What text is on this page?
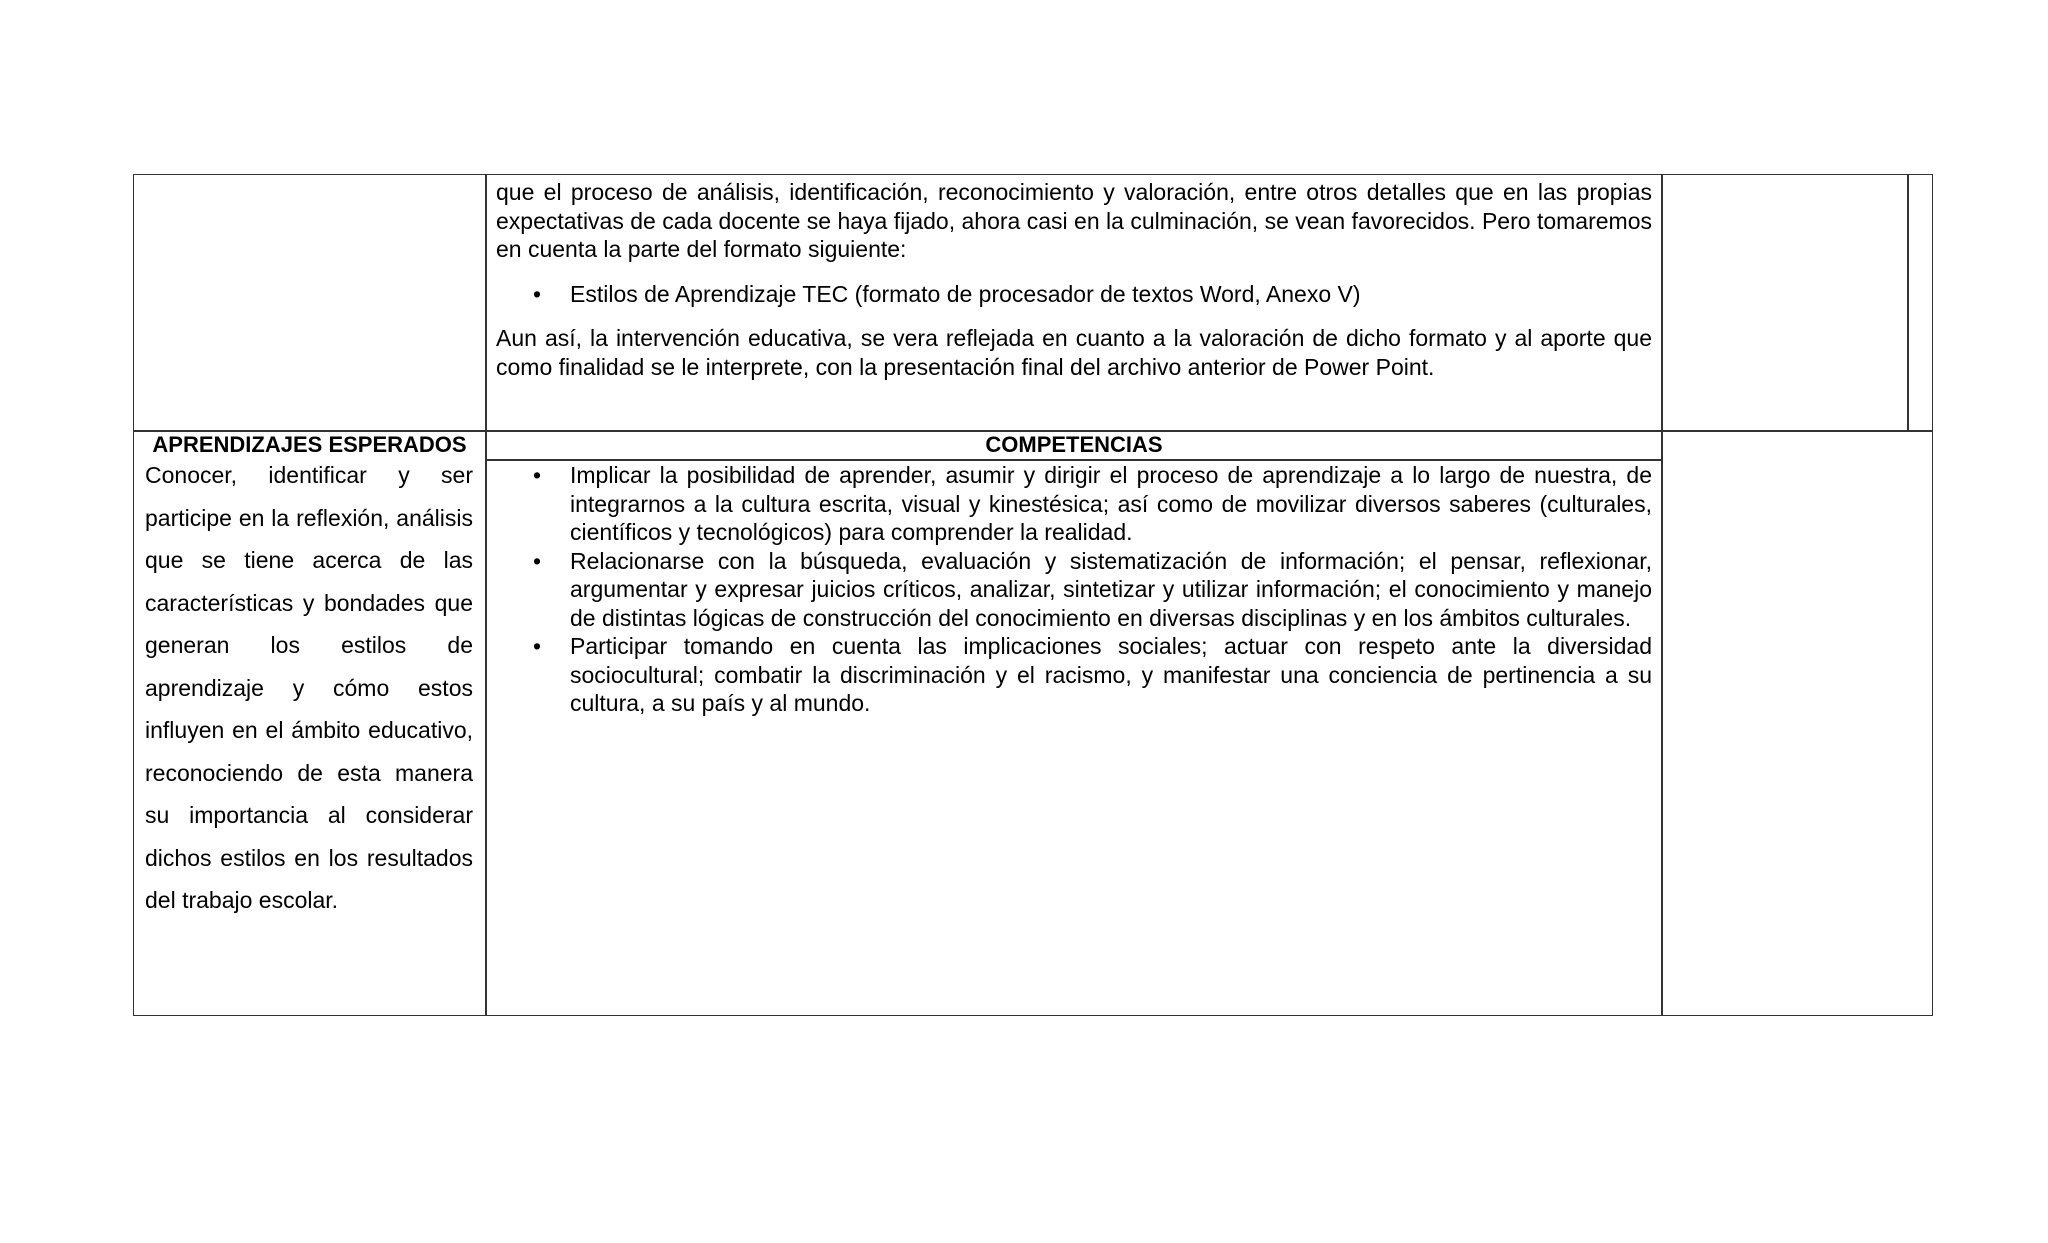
que el proceso de análisis, identificación, reconocimiento y valoración, entre otros detalles que en las propias expectativas de cada docente se haya fijado, ahora casi en la culminación, se vean favorecidos. Pero tomaremos en cuenta la parte del formato siguiente:

• Estilos de Aprendizaje TEC (formato de procesador de textos Word, Anexo V)

Aun así, la intervención educativa, se vera reflejada en cuanto a la valoración de dicho formato y al aporte que como finalidad se le interprete, con la presentación final del archivo anterior de Power Point.

APRENDIZAJES ESPERADOS	COMPETENCIAS
Conocer, identificar y ser participe en la reflexión, análisis que se tiene acerca de las características y bondades que generan los estilos de aprendizaje y cómo estos influyen en el ámbito educativo, reconociendo de esta manera su importancia al considerar dichos estilos en los resultados del trabajo escolar.
• Implicar la posibilidad de aprender, asumir y dirigir el proceso de aprendizaje a lo largo de nuestra, de integrarnos a la cultura escrita, visual y kinestésica; así como de movilizar diversos saberes (culturales, científicos y tecnológicos) para comprender la realidad.
• Relacionarse con la búsqueda, evaluación y sistematización de información; el pensar, reflexionar, argumentar y expresar juicios críticos, analizar, sintetizar y utilizar información; el conocimiento y manejo de distintas lógicas de construcción del conocimiento en diversas disciplinas y en los ámbitos culturales.
• Participar tomando en cuenta las implicaciones sociales; actuar con respeto ante la diversidad sociocultural; combatir la discriminación y el racismo, y manifestar una conciencia de pertinencia a su cultura, a su país y al mundo.
